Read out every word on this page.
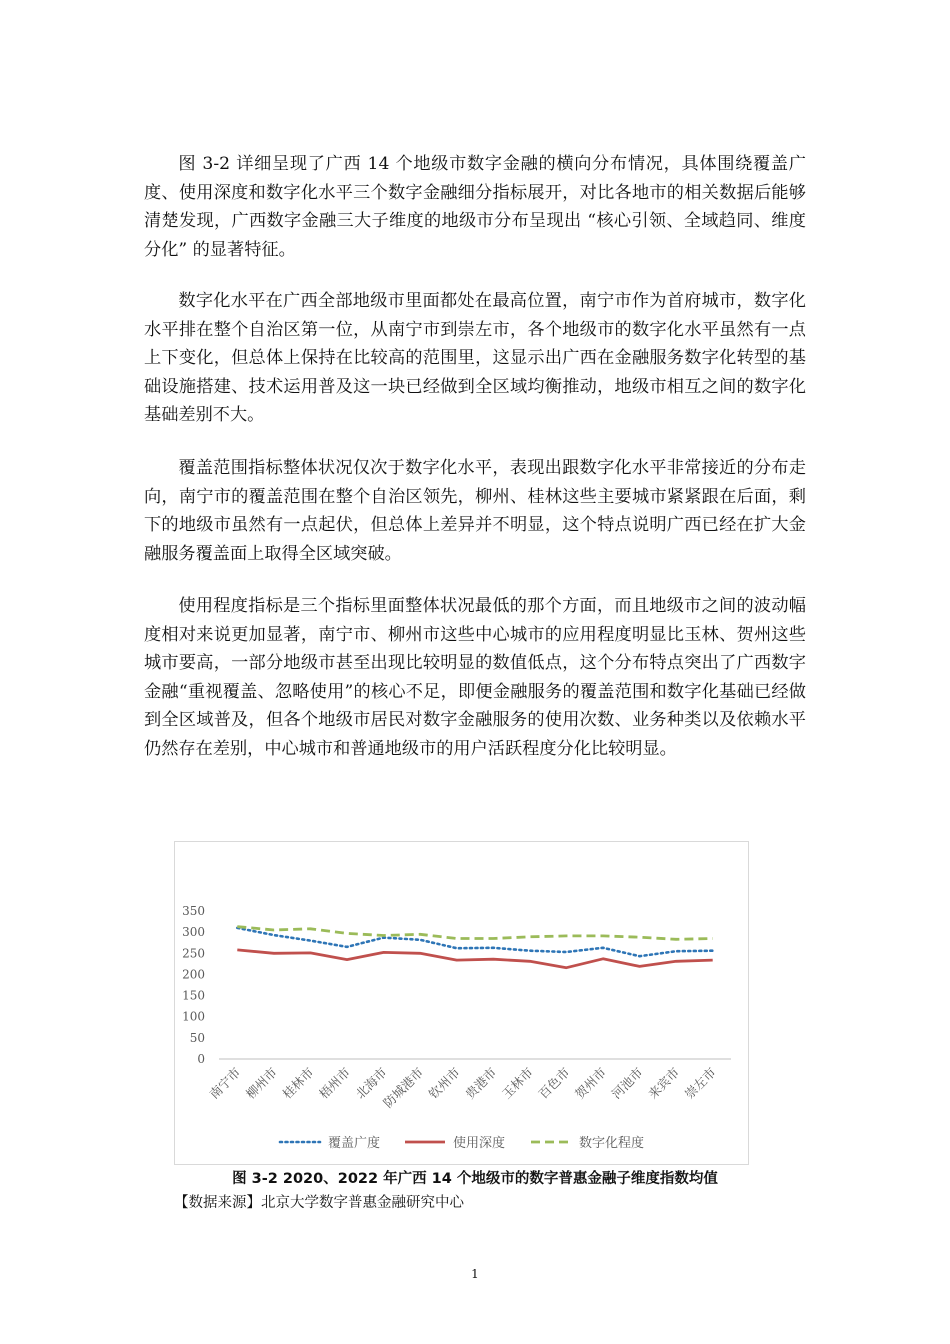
图 3-2 详细呈现了广西 14 个地级市数字金融的横向分布情况，具体围绕覆盖广度、使用深度和数字化水平三个数字金融细分指标展开，对比各地市的相关数据后能够清楚发现，广西数字金融三大子维度的地级市分布呈现出 “核心引领、全域趋同、维度分化” 的显著特征。

数字化水平在广西全部地级市里面都处在最高位置，南宁市作为首府城市，数字化水平排在整个自治区第一位，从南宁市到崇左市，各个地级市的数字化水平虽然有一点上下变化，但总体上保持在比较高的范围里，这显示出广西在金融服务数字化转型的基础设施搭建、技术运用普及这一块已经做到全区域均衡推动，地级市相互之间的数字化基础差别不大。

覆盖范围指标整体状况仅次于数字化水平，表现出跟数字化水平非常接近的分布走向，南宁市的覆盖范围在整个自治区领先，柳州、桂林这些主要城市紧紧跟在后面，剩下的地级市虽然有一点起伏，但总体上差异并不明显，这个特点说明广西已经在扩大金融服务覆盖面上取得全区域突破。

使用程度指标是三个指标里面整体状况最低的那个方面，而且地级市之间的波动幅度相对来说更加显著，南宁市、柳州市这些中心城市的应用程度明显比玉林、贺州这些城市要高，一部分地级市甚至出现比较明显的数值低点，这个分布特点突出了广西数字金融“重视覆盖、忽略使用”的核心不足，即便金融服务的覆盖范围和数字化基础已经做到全区域普及，但各个地级市居民对数字金融服务的使用次数、业务种类以及依赖水平仍然存在差别，中心城市和普通地级市的用户活跃程度分化比较明显。

0
50
100
150
200
250
300
350
南宁市 柳州市 桂林市 梧州市 北海市
防城港市 钦州市 贵港市 玉林市 百色市 贺州市 河池市 来宾市 崇左市
覆盖广度	使用深度	数字化程度
图 3-2 2020、2022 年广西 14 个地级市的数字普惠金融子维度指数均值
【数据来源】北京大学数字普惠金融研究中心
1
